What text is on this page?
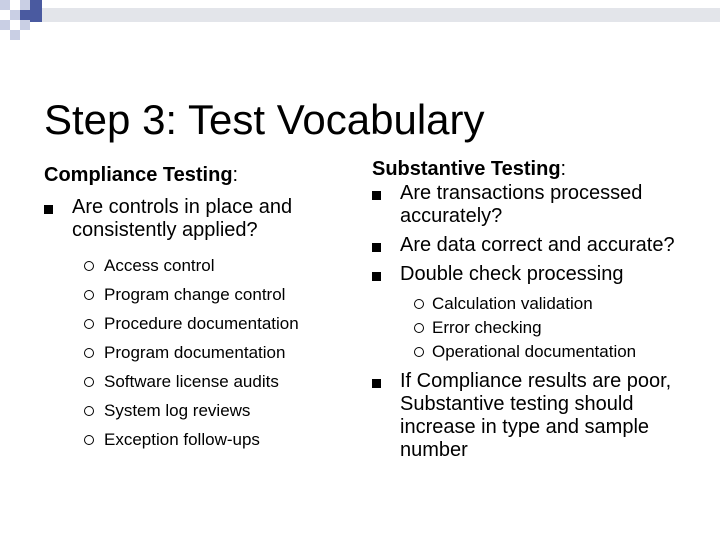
Step 3: Test Vocabulary
Compliance Testing:
Are controls in place and consistently applied?
Access control
Program change control
Procedure documentation
Program documentation
Software license audits
System log reviews
Exception follow-ups
Substantive Testing:
Are transactions processed accurately?
Are data correct and accurate?
Double check processing
Calculation validation
Error checking
Operational documentation
If Compliance results are poor, Substantive testing should increase in type and sample number
